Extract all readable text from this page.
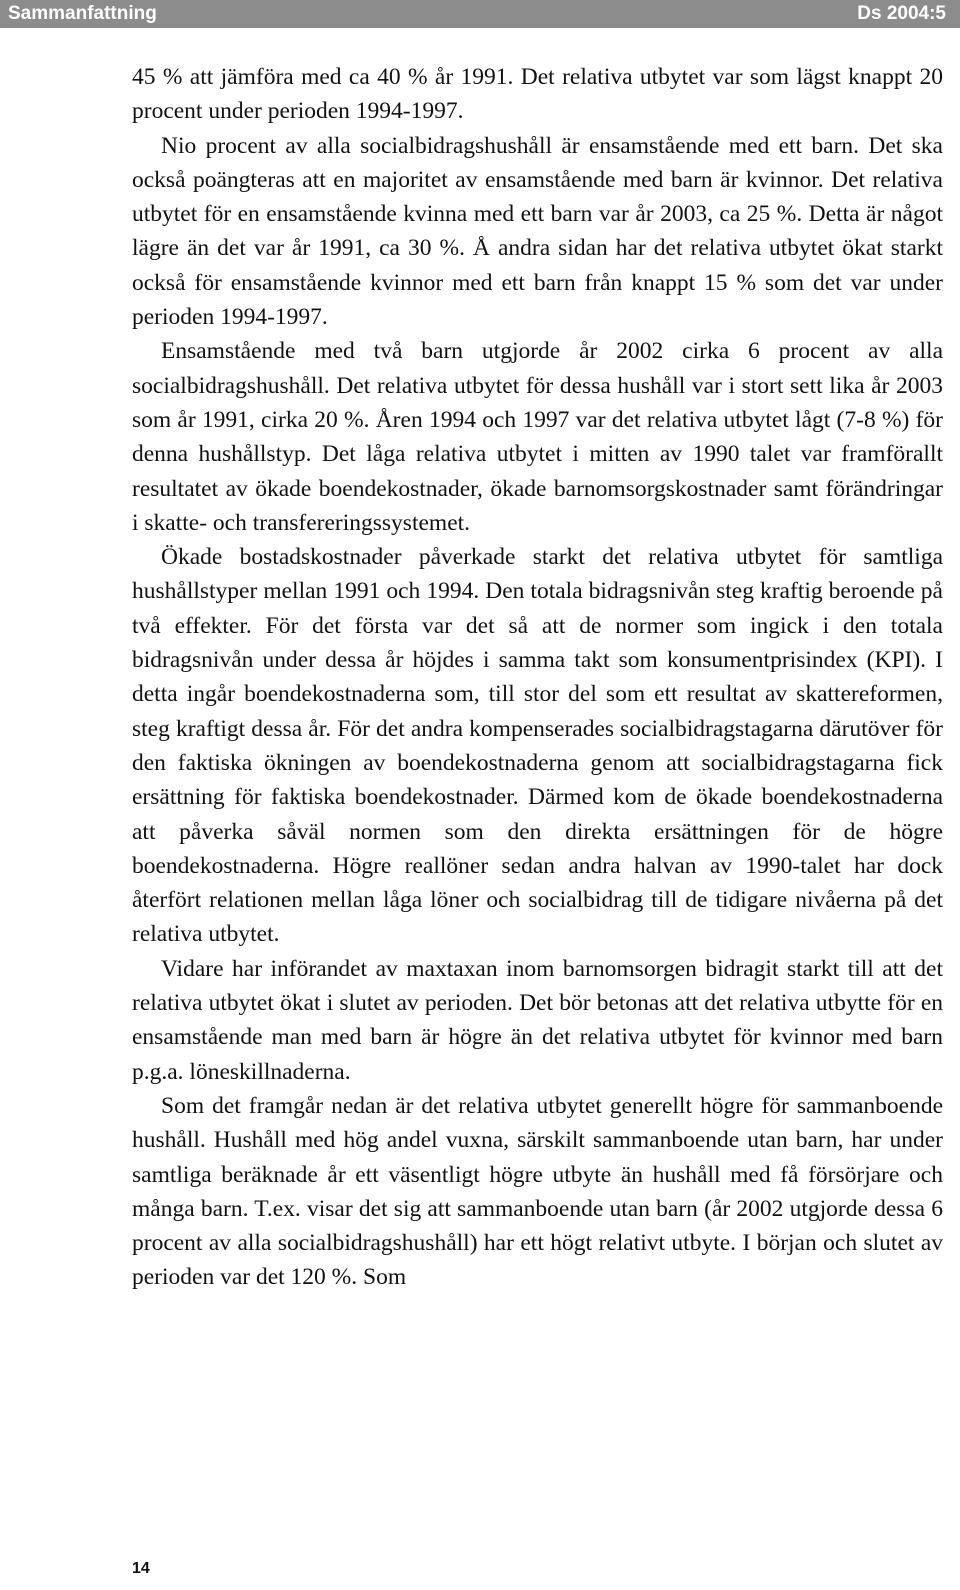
Sammanfattning	Ds 2004:5

45 % att jämföra med ca 40 % år 1991. Det relativa utbytet var som lägst knappt 20 procent under perioden 1994-1997.

Nio procent av alla socialbidragshushåll är ensamstående med ett barn. Det ska också poängteras att en majoritet av ensamstående med barn är kvinnor. Det relativa utbytet för en ensamstående kvinna med ett barn var år 2003, ca 25 %. Detta är något lägre än det var år 1991, ca 30 %. Å andra sidan har det relativa utbytet ökat starkt också för ensamstående kvinnor med ett barn från knappt 15 % som det var under perioden 1994-1997.

Ensamstående med två barn utgjorde år 2002 cirka 6 procent av alla socialbidragshushåll. Det relativa utbytet för dessa hushåll var i stort sett lika år 2003 som år 1991, cirka 20 %. Åren 1994 och 1997 var det relativa utbytet lågt (7-8 %) för denna hushållstyp. Det låga relativa utbytet i mitten av 1990 talet var framförallt resultatet av ökade boendekostnader, ökade barnomsorgskostnader samt förändringar i skatte- och transfereringssystemet.

Ökade bostadskostnader påverkade starkt det relativa utbytet för samtliga hushållstyper mellan 1991 och 1994. Den totala bidragsnivån steg kraftig beroende på två effekter. För det första var det så att de normer som ingick i den totala bidragsnivån under dessa år höjdes i samma takt som konsumentprisindex (KPI). I detta ingår boendekostnaderna som, till stor del som ett resultat av skattereformen, steg kraftigt dessa år. För det andra kompenserades socialbidragstagarna därutöver för den faktiska ökningen av boendekostnaderna genom att socialbidragstagarna fick ersättning för faktiska boendekostnader. Därmed kom de ökade boendekostnaderna att påverka såväl normen som den direkta ersättningen för de högre boendekostnaderna. Högre reallöner sedan andra halvan av 1990-talet har dock återfört relationen mellan låga löner och socialbidrag till de tidigare nivåerna på det relativa utbytet.

Vidare har införandet av maxtaxan inom barnomsorgen bidragit starkt till att det relativa utbytet ökat i slutet av perioden. Det bör betonas att det relativa utbytte för en ensamstående man med barn är högre än det relativa utbytet för kvinnor med barn p.g.a. löneskillnaderna.

Som det framgår nedan är det relativa utbytet generellt högre för sammanboende hushåll. Hushåll med hög andel vuxna, särskilt sammanboende utan barn, har under samtliga beräknade år ett väsentligt högre utbyte än hushåll med få försörjare och många barn. T.ex. visar det sig att sammanboende utan barn (år 2002 utgjorde dessa 6 procent av alla socialbidragshushåll) har ett högt relativt utbyte. I början och slutet av perioden var det 120 %. Som

14
